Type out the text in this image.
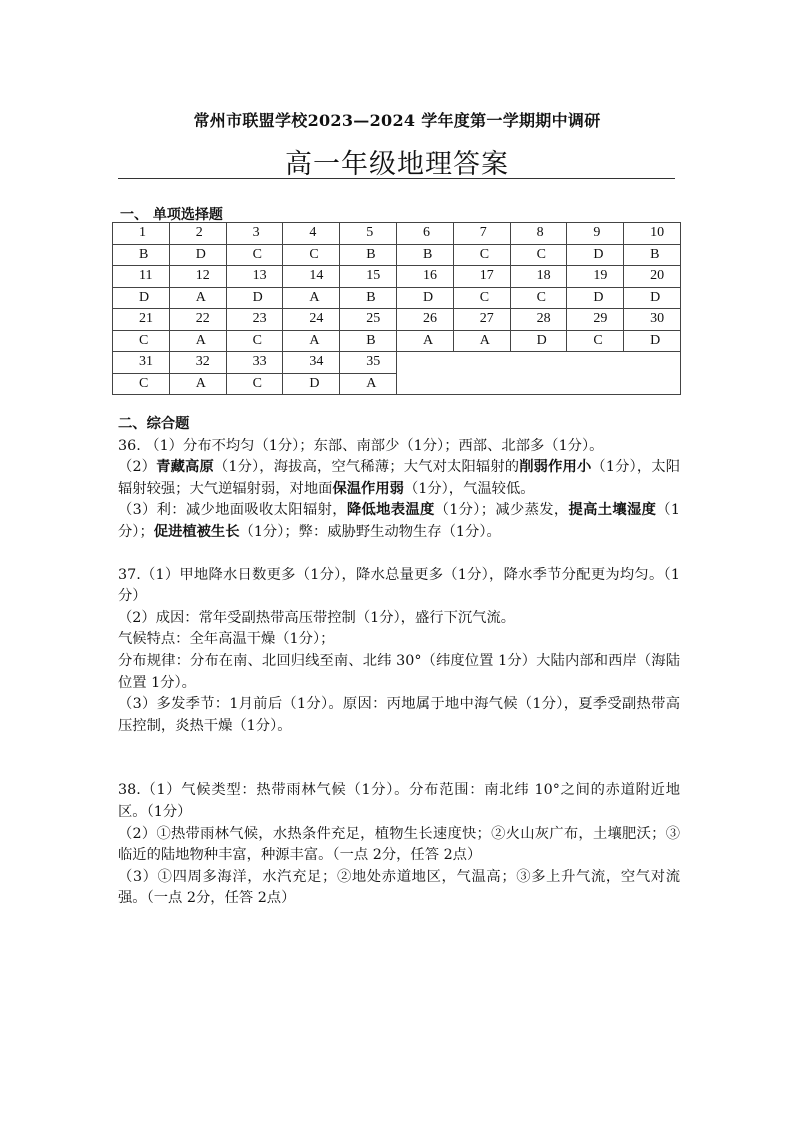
常州市联盟学校2023—2024 学年度第一学期期中调研
高一年级地理答案
一、 单项选择题
1	2	3	4	5	6	7	8	9	10
B	D	C	C	B	B	C	C	D	B
11	12	13	14	15	16	17	18	19	20
D	A	D	A	B	D	C	C	D	D
21	22	23	24	25	26	27	28	29	30
C	A	C	A	B	A	A	D	C	D
31	32	33	34	35					
C	A	C	D	A					

二、综合题

36. （1）分布不均匀（1分）；东部、南部少（1分）；西部、北部多（1分）。

（2）青藏高原（1分），海拔高，空气稀薄；大气对太阳辐射的削弱作用小（1分），太阳辐射较强；大气逆辐射弱，对地面保温作用弱（1分），气温较低。

（3）利：减少地面吸收太阳辐射，降低地表温度（1分）；减少蒸发，提高土壤湿度（1分）；促进植被生长（1分）；弊：威胁野生动物生存（1分）。

37.（1）甲地降水日数更多（1分），降水总量更多（1分），降水季节分配更为均匀。（1分）

（2）成因：常年受副热带高压带控制（1分），盛行下沉气流。

气候特点：全年高温干燥（1分）；

分布规律：分布在南、北回归线至南、北纬 30°（纬度位置 1分）大陆内部和西岸（海陆位置 1分）。

（3）多发季节：1月前后（1分）。原因：丙地属于地中海气候（1分），夏季受副热带高压控制，炎热干燥（1分）。

38.（1）气候类型：热带雨林气候（1分）。分布范围：南北纬 10°之间的赤道附近地区。（1分）

（2）①热带雨林气候，水热条件充足，植物生长速度快；②火山灰广布，土壤肥沃；③临近的陆地物种丰富，种源丰富。（一点 2分，任答 2点）

（3）①四周多海洋，水汽充足；②地处赤道地区，气温高；③多上升气流，空气对流强。（一点 2分，任答 2点）
